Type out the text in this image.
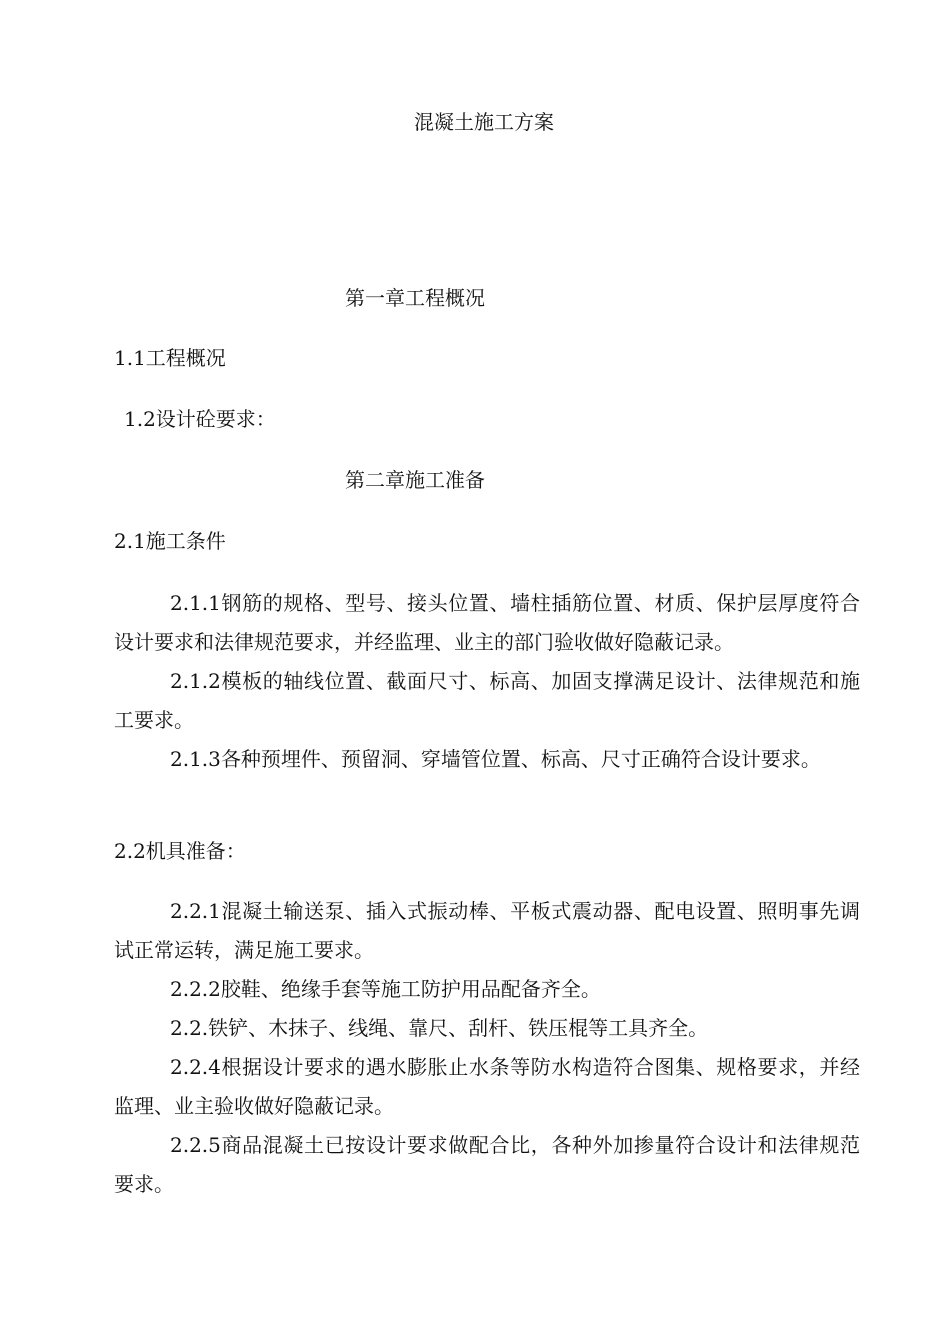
混凝土施工方案
第一章工程概况
1.1工程概况
1.2设计砼要求：
第二章施工准备
2.1施工条件

2.1.1钢筋的规格、型号、接头位置、墙柱插筋位置、材质、保护层厚度符合设计要求和法律规范要求，并经监理、业主的部门验收做好隐蔽记录。

2.1.2模板的轴线位置、截面尺寸、标高、加固支撑满足设计、法律规范和施工要求。

2.1.3各种预埋件、预留洞、穿墙管位置、标高、尺寸正确符合设计要求。

2.2机具准备：

2.2.1混凝土输送泵、插入式振动棒、平板式震动器、配电设置、照明事先调试正常运转，满足施工要求。

2.2.2胶鞋、绝缘手套等施工防护用品配备齐全。

2.2.铁铲、木抹子、线绳、靠尺、刮杆、铁压棍等工具齐全。

2.2.4根据设计要求的遇水膨胀止水条等防水构造符合图集、规格要求，并经监理、业主验收做好隐蔽记录。

2.2.5商品混凝土已按设计要求做配合比，各种外加掺量符合设计和法律规范要求。
